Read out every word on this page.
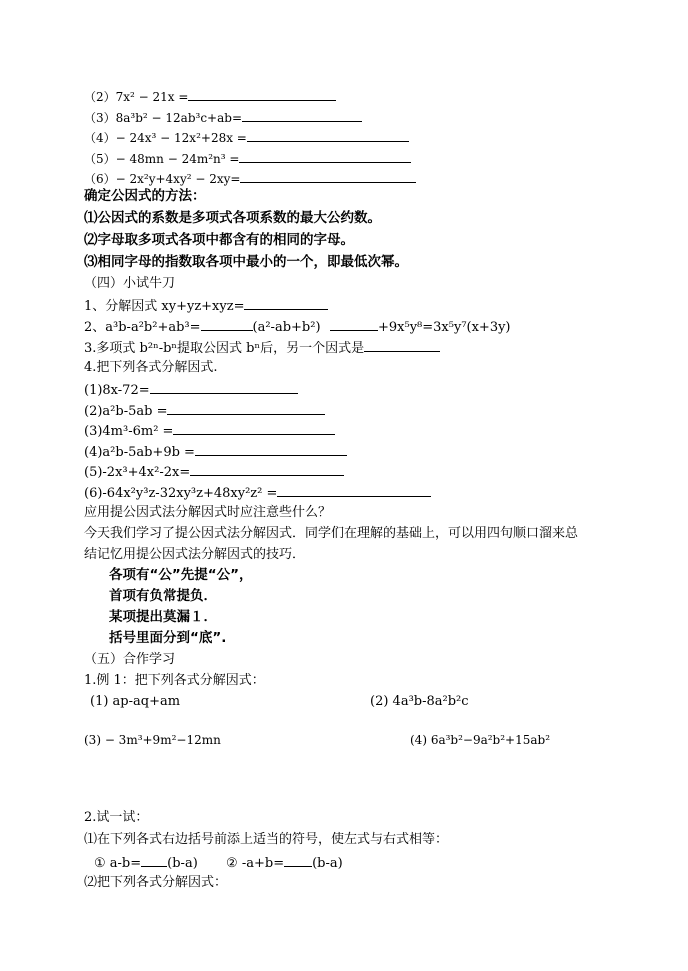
（2）7x² − 21x =
（3）8a³b² − 12ab³c+ab=
（4）− 24x³ − 12x²+28x =
（5）− 48mn − 24m²n³ =
（6）− 2x²y+4xy² − 2xy=
确定公因式的方法：
⑴公因式的系数是多项式各项系数的最大公约数。
⑵字母取多项式各项中都含有的相同的字母。
⑶相同字母的指数取各项中最小的一个，即最低次幂。
（四）小试牛刀
1、分解因式 xy+yz+xyz=
2、a³b-a²b²+ab³=	(a²-ab+b²)	+9x⁵y⁸=3x⁵y⁷(x+3y)
3.多项式 b²ⁿ-bⁿ提取公因式 bⁿ后，另一个因式是
4.把下列各式分解因式.
(1)8x-72=
(2)a²b-5ab =
(3)4m³-6m² =
(4)a²b-5ab+9b =
(5)-2x³+4x²-2x=
(6)-64x²y³z-32xy³z+48xy²z² =
应用提公因式法分解因式时应注意些什么？
今天我们学习了提公因式法分解因式．同学们在理解的基础上，可以用四句顺口溜来总
结记忆用提公因式法分解因式的技巧．
各项有“公”先提“公”，
首项有负常提负．
某项提出莫漏１．
括号里面分到“底”.
（五）合作学习
1.例 1：把下列各式分解因式：
(1) ap-aq+am	(2) 4a³b-8a²b²c
(3) − 3m³+9m²−12mn	(4) 6a³b²−9a²b²+15ab²
2.试一试：
⑴在下列各式右边括号前添上适当的符号，使左式与右式相等：
① a-b= (b-a) ② -a+b= (b-a)
⑵把下列各式分解因式：
